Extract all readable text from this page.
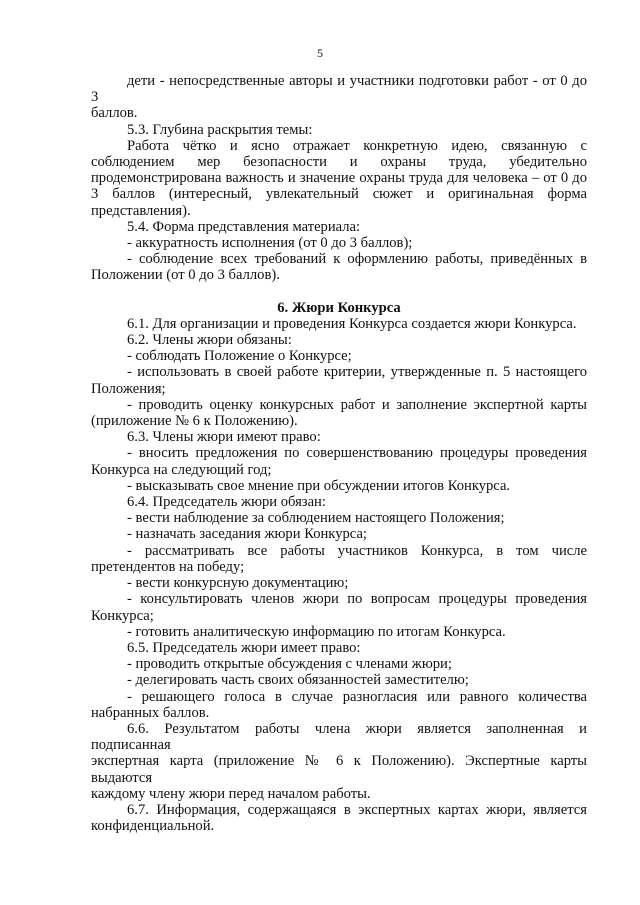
5

дети - непосредственные авторы и участники подготовки работ - от 0 до 3
баллов.

5.3. Глубина раскрытия темы:

Работа чётко и ясно отражает конкретную идею, связанную с
соблюдением мер безопасности и охраны труда, убедительно
продемонстрирована важность и значение охраны труда для человека – от 0 до
3 баллов (интересный, увлекательный сюжет и оригинальная форма
представления).

5.4. Форма представления материала:

- аккуратность исполнения (от 0 до 3 баллов);

- соблюдение всех требований к оформлению работы, приведённых в
Положении (от 0 до 3 баллов).

6. Жюри Конкурса

6.1. Для организации и проведения Конкурса создается жюри Конкурса.

6.2. Члены жюри обязаны:

- соблюдать Положение о Конкурсе;

- использовать в своей работе критерии, утвержденные п. 5 настоящего
Положения;

- проводить оценку конкурсных работ и заполнение экспертной карты
(приложение № 6 к Положению).

6.3. Члены жюри имеют право:

- вносить предложения по совершенствованию процедуры проведения
Конкурса на следующий год;

- высказывать свое мнение при обсуждении итогов Конкурса.

6.4. Председатель жюри обязан:

- вести наблюдение за соблюдением настоящего Положения;

- назначать заседания жюри Конкурса;

- рассматривать все работы участников Конкурса, в том числе
претендентов на победу;

- вести конкурсную документацию;

- консультировать членов жюри по вопросам процедуры проведения
Конкурса;

- готовить аналитическую информацию по итогам Конкурса.

6.5. Председатель жюри имеет право:

- проводить открытые обсуждения с членами жюри;

- делегировать часть своих обязанностей заместителю;

- решающего голоса в случае разногласия или равного количества
набранных баллов.

6.6. Результатом работы члена жюри является заполненная и подписанная
экспертная карта (приложение № 6 к Положению). Экспертные карты выдаются
каждому члену жюри перед началом работы.

6.7. Информация, содержащаяся в экспертных картах жюри, является
конфиденциальной.
